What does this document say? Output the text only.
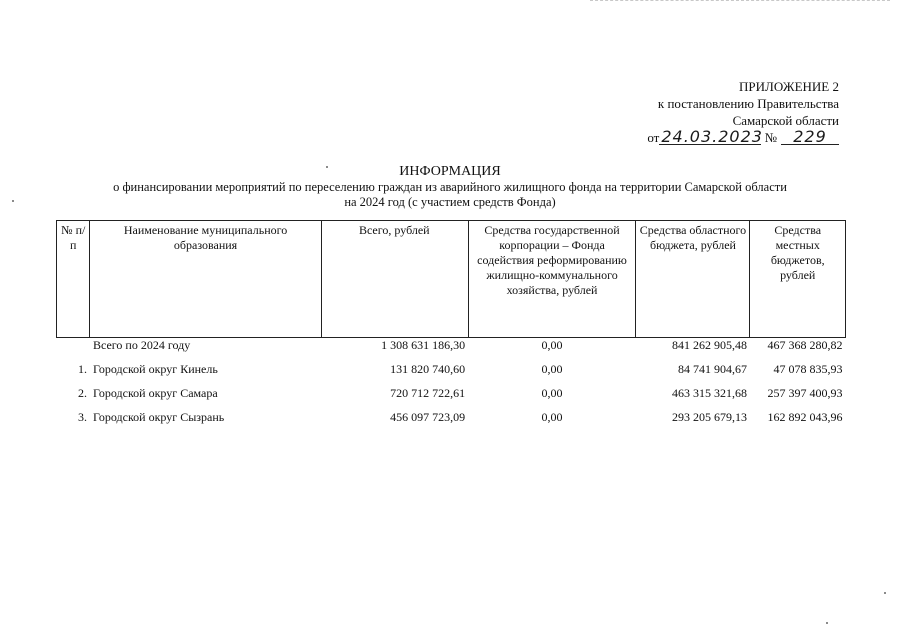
ПРИЛОЖЕНИЕ 2
к постановлению Правительства
Самарской области
от 24.03.2023 № 229
ИНФОРМАЦИЯ
о финансировании мероприятий по переселению граждан из аварийного жилищного фонда на территории Самарской области
на 2024 год (с участием средств Фонда)
№ п/п	Наименование муниципального образования	Всего, рублей	Средства государственной корпорации – Фонда содействия реформированию жилищно-коммунального хозяйства, рублей	Средства областного бюджета, рублей	Средства местных бюджетов, рублей
	Всего по 2024 году	1 308 631 186,30	0,00	841 262 905,48	467 368 280,82
1.	Городской округ Кинель	131 820 740,60	0,00	84 741 904,67	47 078 835,93
2.	Городской округ Самара	720 712 722,61	0,00	463 315 321,68	257 397 400,93
3.	Городской округ Сызрань	456 097 723,09	0,00	293 205 679,13	162 892 043,96
